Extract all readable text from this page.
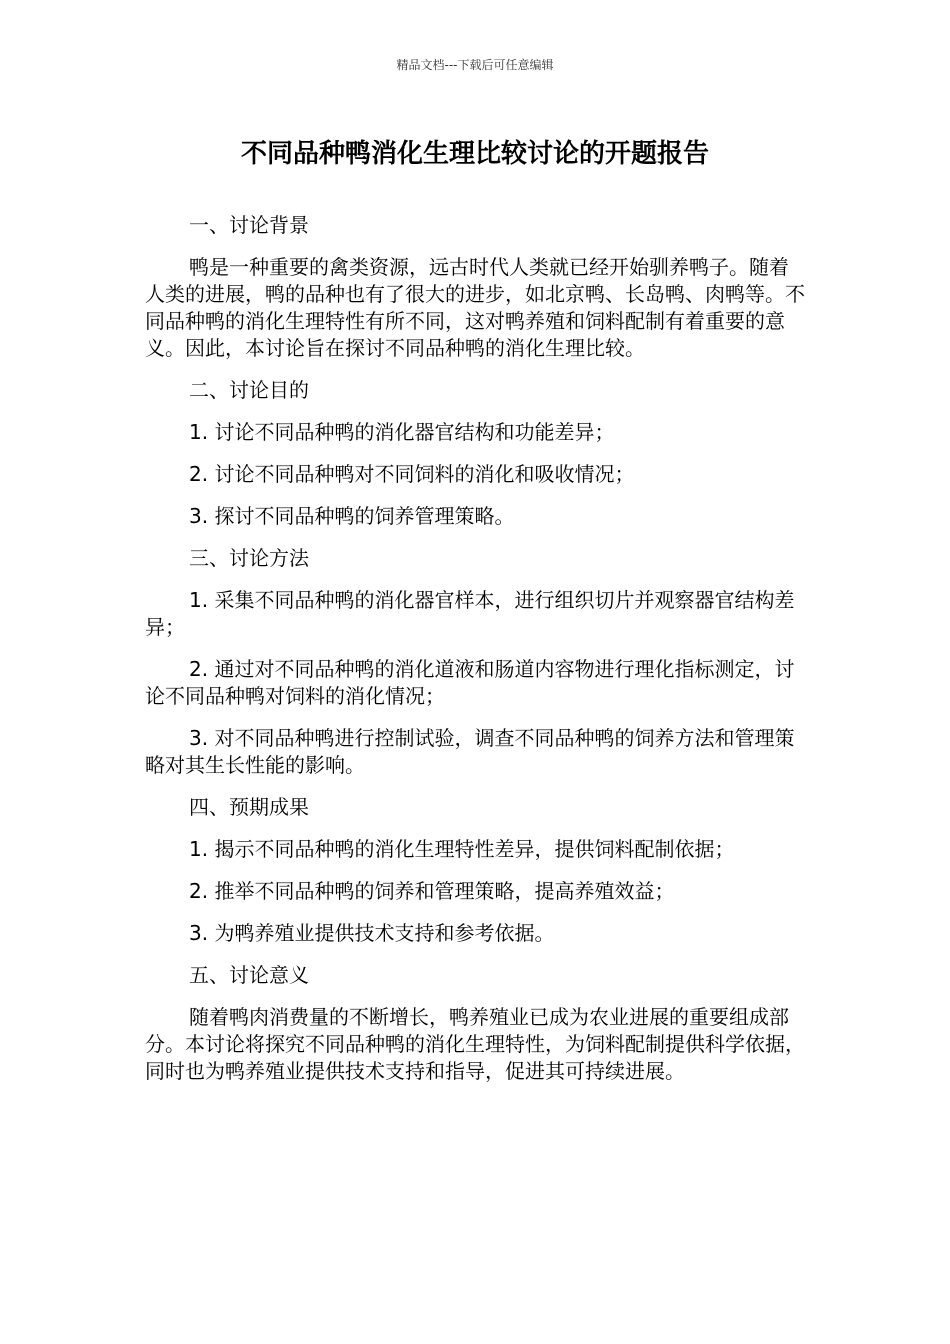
精品文档---下载后可任意编辑
不同品种鸭消化生理比较讨论的开题报告

一、讨论背景

鸭是一种重要的禽类资源，远古时代人类就已经开始驯养鸭子。随着人类的进展，鸭的品种也有了很大的进步，如北京鸭、长岛鸭、肉鸭等。不同品种鸭的消化生理特性有所不同，这对鸭养殖和饲料配制有着重要的意义。因此，本讨论旨在探讨不同品种鸭的消化生理比较。

二、讨论目的

1. 讨论不同品种鸭的消化器官结构和功能差异；

2. 讨论不同品种鸭对不同饲料的消化和吸收情况；

3. 探讨不同品种鸭的饲养管理策略。

三、讨论方法

1. 采集不同品种鸭的消化器官样本，进行组织切片并观察器官结构差异；

2. 通过对不同品种鸭的消化道液和肠道内容物进行理化指标测定，讨论不同品种鸭对饲料的消化情况；

3. 对不同品种鸭进行控制试验，调查不同品种鸭的饲养方法和管理策略对其生长性能的影响。

四、预期成果

1. 揭示不同品种鸭的消化生理特性差异，提供饲料配制依据；

2. 推举不同品种鸭的饲养和管理策略，提高养殖效益；

3. 为鸭养殖业提供技术支持和参考依据。

五、讨论意义

随着鸭肉消费量的不断增长，鸭养殖业已成为农业进展的重要组成部分。本讨论将探究不同品种鸭的消化生理特性，为饲料配制提供科学依据，同时也为鸭养殖业提供技术支持和指导，促进其可持续进展。
